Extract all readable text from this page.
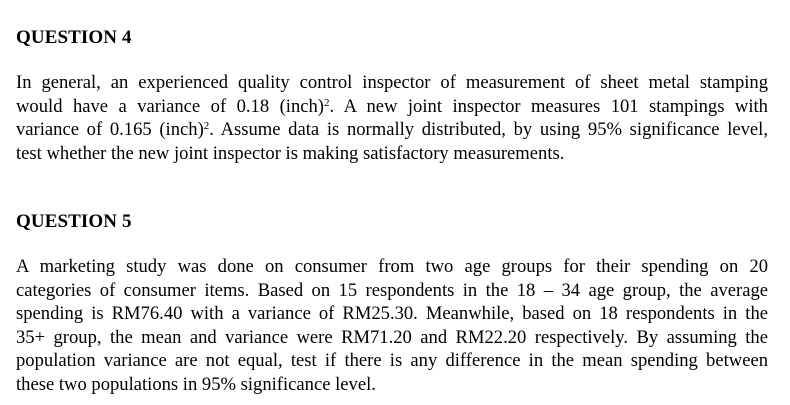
QUESTION 4
In general, an experienced quality control inspector of measurement of sheet metal stamping
would have a variance of 0.18 (inch)$^2$. A new joint inspector measures 101 stampings with
variance of 0.165 (inch)$^2$. Assume data is normally distributed, by using 95% significance level,
test whether the new joint inspector is making satisfactory measurements.
QUESTION 5
A marketing study was done on consumer from two age groups for their spending on 20
categories of consumer items. Based on 15 respondents in the 18 – 34 age group, the average
spending is RM76.40 with a variance of RM25.30. Meanwhile, based on 18 respondents in the
35+ group, the mean and variance were RM71.20 and RM22.20 respectively. By assuming the
population variance are not equal, test if there is any difference in the mean spending between
these two populations in 95% significance level.
